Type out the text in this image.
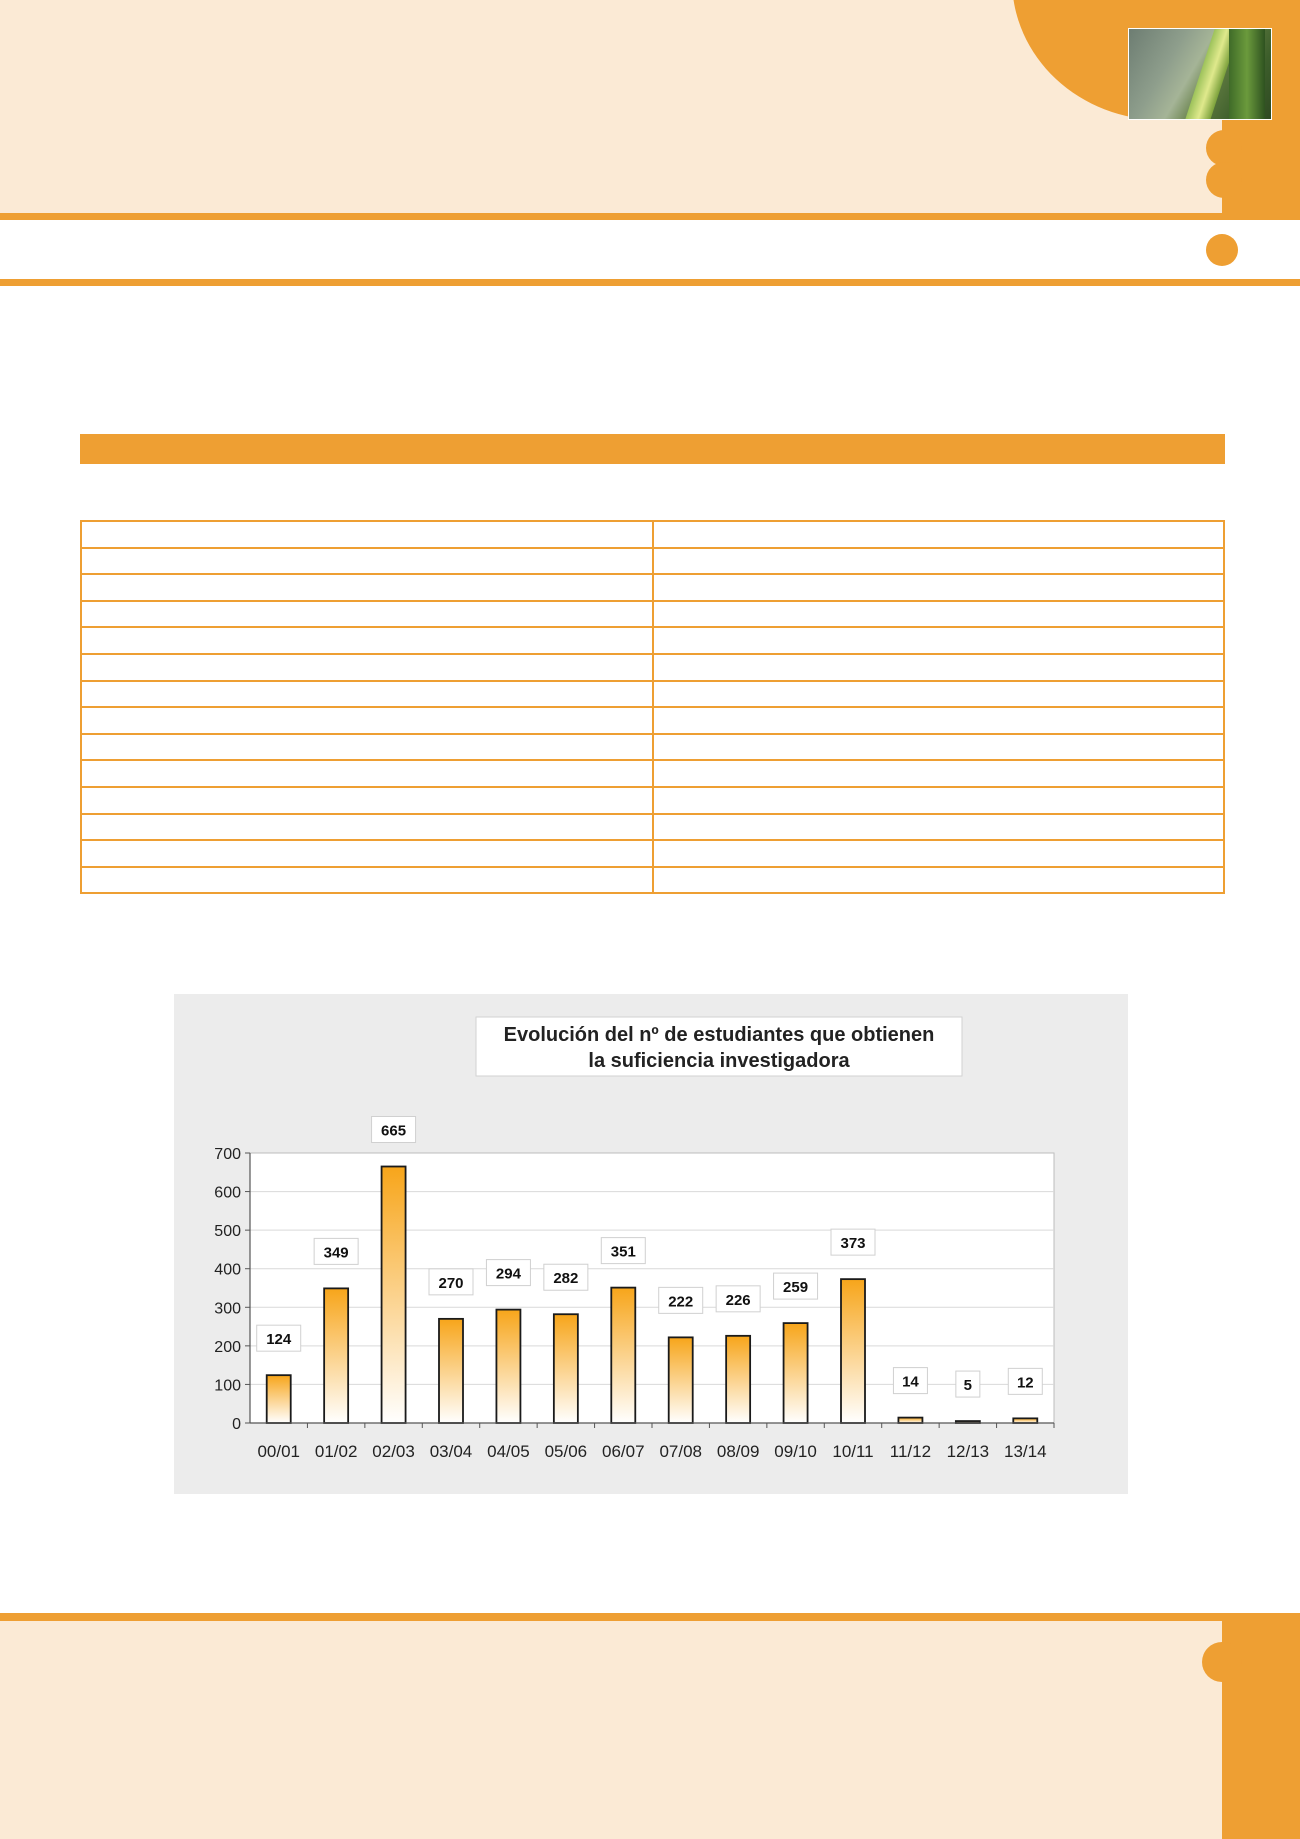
Evolución del nº de estudiantes que obtienen
la suficiencia investigadora
0
100
200
300
400
500
600
700
124
349
665
270
294 282
351
222 226
259
373
14	5	12
00/01 01/02 02/03 03/04 04/05 05/06 06/07 07/08 08/09 09/10 10/11 11/12 12/13 13/14
